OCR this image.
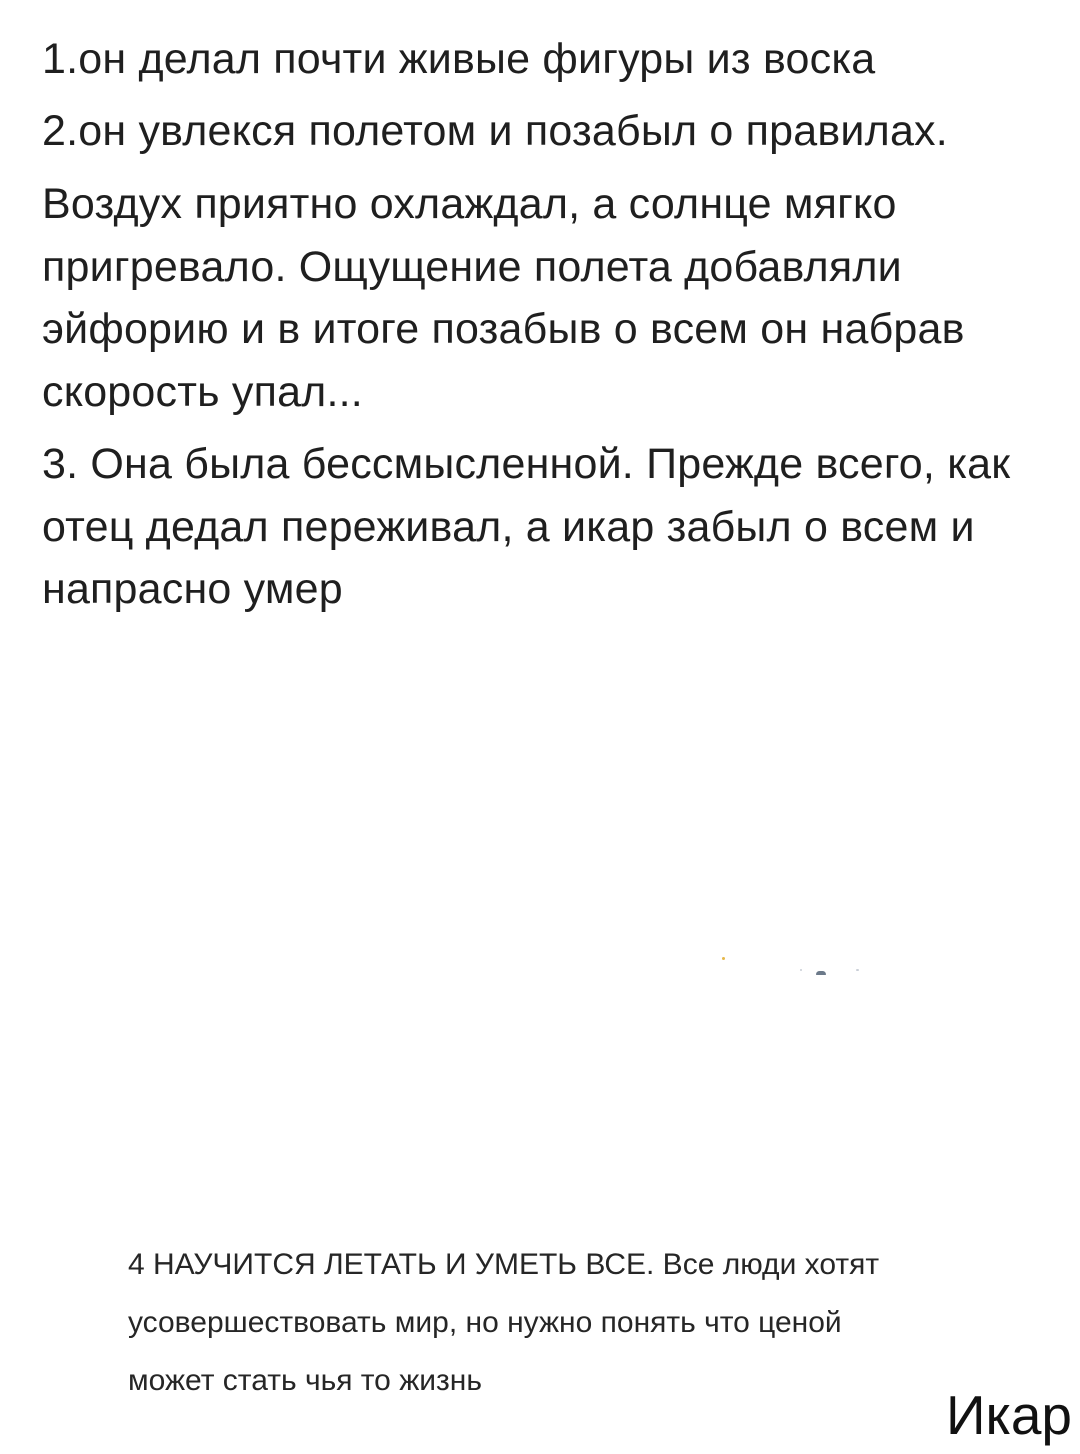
1.он делал почти живые фигуры из воска

2.он увлекся полетом и позабыл о правилах.

Воздух приятно охлаждал, а солнце мягко пригревало. Ощущение полета добавляли эйфорию и в итоге позабыв о всем он набрав скорость упал...

3. Она была бессмысленной. Прежде всего, как отец дедал переживал, а икар забыл о всем и напрасно умер

4 НАУЧИТСЯ ЛЕТАТЬ И УМЕТЬ ВСЕ. Все люди хотят усовершествовать мир, но нужно понять что ценой может стать чья то жизнь

Икар
